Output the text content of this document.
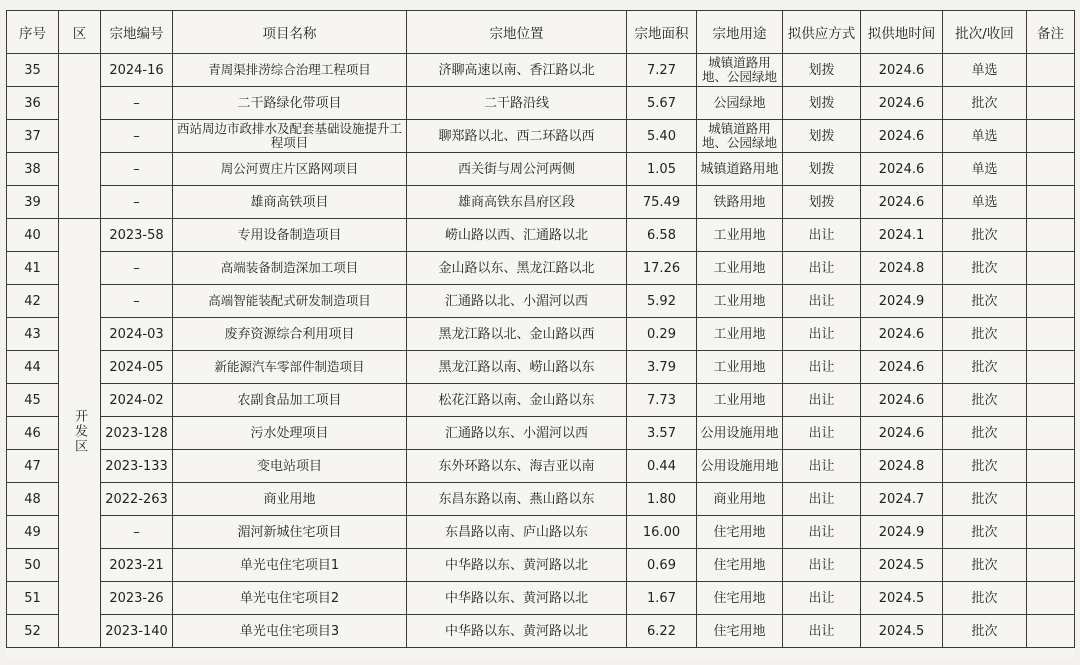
序号	区	宗地编号	项目名称	宗地位置	宗地面积	宗地用途	拟供应方式	拟供地时间	批次/收回	备注
35		2024-16	青周渠排涝综合治理工程项目	济聊高速以南、香江路以北	7.27	城镇道路用地、公园绿地	划拨	2024.6	单选	
36		–	二干路绿化带项目	二干路沿线	5.67	公园绿地	划拨	2024.6	批次	
37		–	西站周边市政排水及配套基础设施提升工程项目	聊郑路以北、西二环路以西	5.40	城镇道路用地、公园绿地	划拨	2024.6	单选	
38		–	周公河贾庄片区路网项目	西关街与周公河两侧	1.05	城镇道路用地	划拨	2024.6	单选	
39		–	雄商高铁项目	雄商高铁东昌府区段	75.49	铁路用地	划拨	2024.6	单选	
40	开发区	2023-58	专用设备制造项目	崂山路以西、汇通路以北	6.58	工业用地	出让	2024.1	批次	
41		–	高端装备制造深加工项目	金山路以东、黑龙江路以北	17.26	工业用地	出让	2024.8	批次	
42		–	高端智能装配式研发制造项目	汇通路以北、小湄河以西	5.92	工业用地	出让	2024.9	批次	
43		2024-03	废弃资源综合利用项目	黑龙江路以北、金山路以西	0.29	工业用地	出让	2024.6	批次	
44		2024-05	新能源汽车零部件制造项目	黑龙江路以南、崂山路以东	3.79	工业用地	出让	2024.6	批次	
45		2024-02	农副食品加工项目	松花江路以南、金山路以东	7.73	工业用地	出让	2024.6	批次	
46		2023-128	污水处理项目	汇通路以东、小湄河以西	3.57	公用设施用地	出让	2024.6	批次	
47		2023-133	变电站项目	东外环路以东、海吉亚以南	0.44	公用设施用地	出让	2024.8	批次	
48		2022-263	商业用地	东昌东路以南、燕山路以东	1.80	商业用地	出让	2024.7	批次	
49		–	湄河新城住宅项目	东昌路以南、庐山路以东	16.00	住宅用地	出让	2024.9	批次	
50		2023-21	单光屯住宅项目1	中华路以东、黄河路以北	0.69	住宅用地	出让	2024.5	批次	
51		2023-26	单光屯住宅项目2	中华路以东、黄河路以北	1.67	住宅用地	出让	2024.5	批次	
52		2023-140	单光屯住宅项目3	中华路以东、黄河路以北	6.22	住宅用地	出让	2024.5	批次	
